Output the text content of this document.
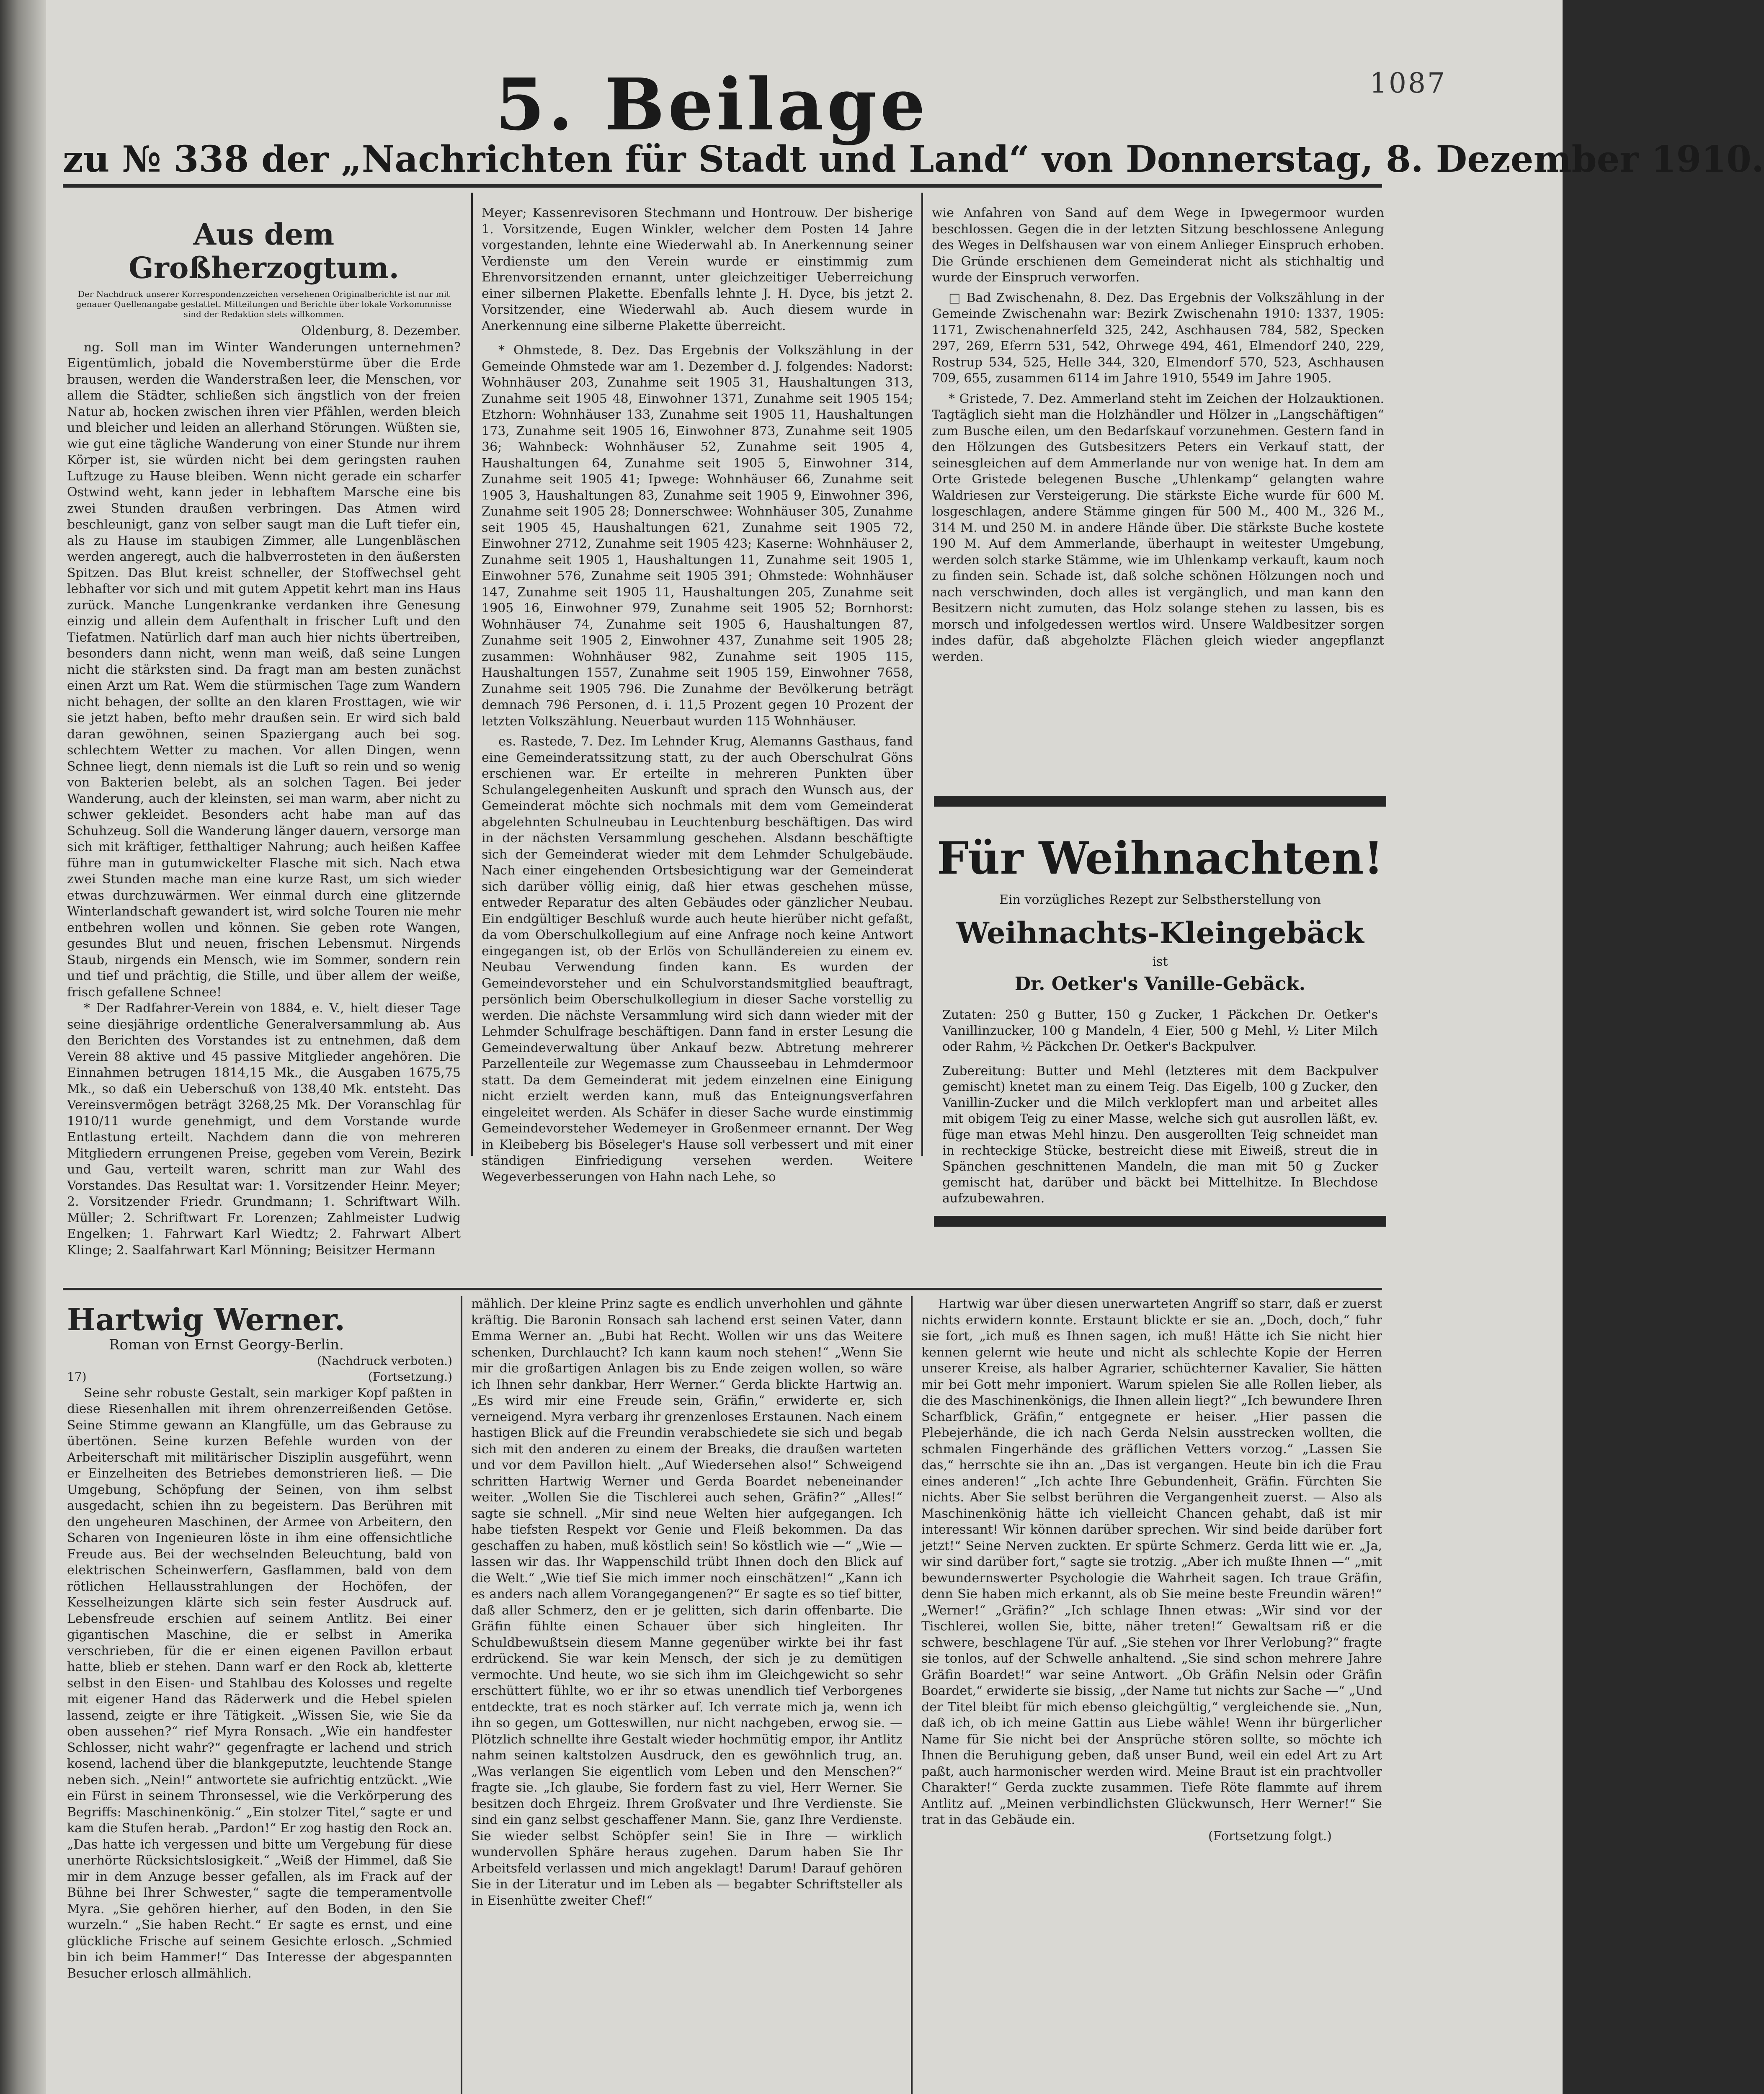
1087
5. Beilage
zu № 338 der „Nachrichten für Stadt und Land“ von Donnerstag, 8. Dezember 1910.
Aus dem Großherzogtum.
Der Nachdruck unserer Korrespondenzzeichen versehenen Originalberichte ist nur mit genauer Quellenangabe gestattet. Mitteilungen und Berichte über lokale Vorkommnisse sind der Redaktion stets willkommen.

Oldenburg, 8. Dezember.

ng. Soll man im Winter Wanderungen unternehmen? Eigentümlich, jobald die Novemberstürme über die Erde brausen, werden die Wanderstraßen leer, die Menschen, vor allem die Städter, schließen sich ängstlich von der freien Natur ab, hocken zwischen ihren vier Pfählen, werden bleich und bleicher und leiden an allerhand Störungen. Wüßten sie, wie gut eine tägliche Wanderung von einer Stunde nur ihrem Körper ist, sie würden nicht bei dem geringsten rauhen Luftzuge zu Hause bleiben. Wenn nicht gerade ein scharfer Ostwind weht, kann jeder in lebhaftem Marsche eine bis zwei Stunden draußen verbringen. Das Atmen wird beschleunigt, ganz von selber saugt man die Luft tiefer ein, als zu Hause im staubigen Zimmer, alle Lungenbläschen werden angeregt, auch die halbverrosteten in den äußersten Spitzen. Das Blut kreist schneller, der Stoffwechsel geht lebhafter vor sich und mit gutem Appetit kehrt man ins Haus zurück. Manche Lungenkranke verdanken ihre Genesung einzig und allein dem Aufenthalt in frischer Luft und den Tiefatmen. Natürlich darf man auch hier nichts übertreiben, besonders dann nicht, wenn man weiß, daß seine Lungen nicht die stärksten sind. Da fragt man am besten zunächst einen Arzt um Rat. Wem die stürmischen Tage zum Wandern nicht behagen, der sollte an den klaren Frosttagen, wie wir sie jetzt haben, befto mehr draußen sein. Er wird sich bald daran gewöhnen, seinen Spaziergang auch bei sog. schlechtem Wetter zu machen. Vor allen Dingen, wenn Schnee liegt, denn niemals ist die Luft so rein und so wenig von Bakterien belebt, als an solchen Tagen. Bei jeder Wanderung, auch der kleinsten, sei man warm, aber nicht zu schwer gekleidet. Besonders acht habe man auf das Schuhzeug. Soll die Wanderung länger dauern, versorge man sich mit kräftiger, fetthaltiger Nahrung; auch heißen Kaffee führe man in gutumwickelter Flasche mit sich. Nach etwa zwei Stunden mache man eine kurze Rast, um sich wieder etwas durchzuwärmen. Wer einmal durch eine glitzernde Winterlandschaft gewandert ist, wird solche Touren nie mehr entbehren wollen und können. Sie geben rote Wangen, gesundes Blut und neuen, frischen Lebensmut. Nirgends Staub, nirgends ein Mensch, wie im Sommer, sondern rein und tief und prächtig, die Stille, und über allem der weiße, frisch gefallene Schnee!

* Der Radfahrer-Verein von 1884, e. V., hielt dieser Tage seine diesjährige ordentliche Generalversammlung ab. Aus den Berichten des Vorstandes ist zu entnehmen, daß dem Verein 88 aktive und 45 passive Mitglieder angehören. Die Einnahmen betrugen 1814,15 Mk., die Ausgaben 1675,75 Mk., so daß ein Ueberschuß von 138,40 Mk. entsteht. Das Vereinsvermögen beträgt 3268,25 Mk. Der Voranschlag für 1910/11 wurde genehmigt, und dem Vorstande wurde Entlastung erteilt. Nachdem dann die von mehreren Mitgliedern errungenen Preise, gegeben vom Verein, Bezirk und Gau, verteilt waren, schritt man zur Wahl des Vorstandes. Das Resultat war: 1. Vorsitzender Heinr. Meyer; 2. Vorsitzender Friedr. Grundmann; 1. Schriftwart Wilh. Müller; 2. Schriftwart Fr. Lorenzen; Zahlmeister Ludwig Engelken; 1. Fahrwart Karl Wiedtz; 2. Fahrwart Albert Klinge; 2. Saalfahrwart Karl Mönning; Beisitzer Hermann

Meyer; Kassenrevisoren Stechmann und Hontrouw. Der bisherige 1. Vorsitzende, Eugen Winkler, welcher dem Posten 14 Jahre vorgestanden, lehnte eine Wiederwahl ab. In Anerkennung seiner Verdienste um den Verein wurde er einstimmig zum Ehrenvorsitzenden ernannt, unter gleichzeitiger Ueberreichung einer silbernen Plakette. Ebenfalls lehnte J. H. Dyce, bis jetzt 2. Vorsitzender, eine Wiederwahl ab. Auch diesem wurde in Anerkennung eine silberne Plakette überreicht.

* Ohmstede, 8. Dez. Das Ergebnis der Volkszählung in der Gemeinde Ohmstede war am 1. Dezember d. J. folgendes: Nadorst: Wohnhäuser 203, Zunahme seit 1905 31, Haushaltungen 313, Zunahme seit 1905 48, Einwohner 1371, Zunahme seit 1905 154; Etzhorn: Wohnhäuser 133, Zunahme seit 1905 11, Haushaltungen 173, Zunahme seit 1905 16, Einwohner 873, Zunahme seit 1905 36; Wahnbeck: Wohnhäuser 52, Zunahme seit 1905 4, Haushaltungen 64, Zunahme seit 1905 5, Einwohner 314, Zunahme seit 1905 41; Ipwege: Wohnhäuser 66, Zunahme seit 1905 3, Haushaltungen 83, Zunahme seit 1905 9, Einwohner 396, Zunahme seit 1905 28; Donnerschwee: Wohnhäuser 305, Zunahme seit 1905 45, Haushaltungen 621, Zunahme seit 1905 72, Einwohner 2712, Zunahme seit 1905 423; Kaserne: Wohnhäuser 2, Zunahme seit 1905 1, Haushaltungen 11, Zunahme seit 1905 1, Einwohner 576, Zunahme seit 1905 391; Ohmstede: Wohnhäuser 147, Zunahme seit 1905 11, Haushaltungen 205, Zunahme seit 1905 16, Einwohner 979, Zunahme seit 1905 52; Bornhorst: Wohnhäuser 74, Zunahme seit 1905 6, Haushaltungen 87, Zunahme seit 1905 2, Einwohner 437, Zunahme seit 1905 28; zusammen: Wohnhäuser 982, Zunahme seit 1905 115, Haushaltungen 1557, Zunahme seit 1905 159, Einwohner 7658, Zunahme seit 1905 796. Die Zunahme der Bevölkerung beträgt demnach 796 Personen, d. i. 11,5 Prozent gegen 10 Prozent der letzten Volkszählung. Neuerbaut wurden 115 Wohnhäuser.

es. Rastede, 7. Dez. Im Lehnder Krug, Alemanns Gasthaus, fand eine Gemeinderatssitzung statt, zu der auch Oberschulrat Göns erschienen war. Er erteilte in mehreren Punkten über Schulangelegenheiten Auskunft und sprach den Wunsch aus, der Gemeinderat möchte sich nochmals mit dem vom Gemeinderat abgelehnten Schulneubau in Leuchtenburg beschäftigen. Das wird in der nächsten Versammlung geschehen. Alsdann beschäftigte sich der Gemeinderat wieder mit dem Lehmder Schulgebäude. Nach einer eingehenden Ortsbesichtigung war der Gemeinderat sich darüber völlig einig, daß hier etwas geschehen müsse, entweder Reparatur des alten Gebäudes oder gänzlicher Neubau. Ein endgültiger Beschluß wurde auch heute hierüber nicht gefaßt, da vom Oberschulkollegium auf eine Anfrage noch keine Antwort eingegangen ist, ob der Erlös von Schulländereien zu einem ev. Neubau Verwendung finden kann. Es wurden der Gemeindevorsteher und ein Schulvorstandsmitglied beauftragt, persönlich beim Oberschulkollegium in dieser Sache vorstellig zu werden. Die nächste Versammlung wird sich dann wieder mit der Lehmder Schulfrage beschäftigen. Dann fand in erster Lesung die Gemeindeverwaltung über Ankauf bezw. Abtretung mehrerer Parzellenteile zur Wegemasse zum Chausseebau in Lehmdermoor statt. Da dem Gemeinderat mit jedem einzelnen eine Einigung nicht erzielt werden kann, muß das Enteignungsverfahren eingeleitet werden. Als Schäfer in dieser Sache wurde einstimmig Gemeindevorsteher Wedemeyer in Großenmeer ernannt. Der Weg in Kleibeberg bis Böseleger's Hause soll verbessert und mit einer ständigen Einfriedigung versehen werden. Weitere Wegeverbesserungen von Hahn nach Lehe, so

wie Anfahren von Sand auf dem Wege in Ipwegermoor wurden beschlossen. Gegen die in der letzten Sitzung beschlossene Anlegung des Weges in Delfshausen war von einem Anlieger Einspruch erhoben. Die Gründe erschienen dem Gemeinderat nicht als stichhaltig und wurde der Einspruch verworfen.

□ Bad Zwischenahn, 8. Dez. Das Ergebnis der Volkszählung in der Gemeinde Zwischenahn war: Bezirk Zwischenahn 1910: 1337, 1905: 1171, Zwischenahnerfeld 325, 242, Aschhausen 784, 582, Specken 297, 269, Eferrn 531, 542, Ohrwege 494, 461, Elmendorf 240, 229, Rostrup 534, 525, Helle 344, 320, Elmendorf 570, 523, Aschhausen 709, 655, zusammen 6114 im Jahre 1910, 5549 im Jahre 1905.

* Gristede, 7. Dez. Ammerland steht im Zeichen der Holzauktionen. Tagtäglich sieht man die Holzhändler und Hölzer in „Langschäftigen“ zum Busche eilen, um den Bedarfskauf vorzunehmen. Gestern fand in den Hölzungen des Gutsbesitzers Peters ein Verkauf statt, der seinesgleichen auf dem Ammerlande nur von wenige hat. In dem am Orte Gristede belegenen Busche „Uhlenkamp“ gelangten wahre Waldriesen zur Versteigerung. Die stärkste Eiche wurde für 600 M. losgeschlagen, andere Stämme gingen für 500 M., 400 M., 326 M., 314 M. und 250 M. in andere Hände über. Die stärkste Buche kostete 190 M. Auf dem Ammerlande, überhaupt in weitester Umgebung, werden solch starke Stämme, wie im Uhlenkamp verkauft, kaum noch zu finden sein. Schade ist, daß solche schönen Hölzungen noch und nach verschwinden, doch alles ist vergänglich, und man kann den Besitzern nicht zumuten, das Holz solange stehen zu lassen, bis es morsch und infolgedessen wertlos wird. Unsere Waldbesitzer sorgen indes dafür, daß abgeholzte Flächen gleich wieder angepflanzt werden.

Für Weihnachten!
Ein vorzügliches Rezept zur Selbstherstellung von
Weihnachts-Kleingebäck
ist
Dr. Oetker's Vanille-Gebäck.
Zutaten: 250 g Butter, 150 g Zucker, 1 Päckchen Dr. Oetker's Vanillinzucker, 100 g Mandeln, 4 Eier, 500 g Mehl, ½ Liter Milch oder Rahm, ½ Päckchen Dr. Oetker's Backpulver.
Zubereitung: Butter und Mehl (letzteres mit dem Backpulver gemischt) knetet man zu einem Teig. Das Eigelb, 100 g Zucker, den Vanillin-Zucker und die Milch verklopfert man und arbeitet alles mit obigem Teig zu einer Masse, welche sich gut ausrollen läßt, ev. füge man etwas Mehl hinzu. Den ausgerollten Teig schneidet man in rechteckige Stücke, bestreicht diese mit Eiweiß, streut die in Spänchen geschnittenen Mandeln, die man mit 50 g Zucker gemischt hat, darüber und bäckt bei Mittelhitze. In Blechdose aufzubewahren.
Hartwig Werner.
Roman von Ernst Georgy-Berlin.
(Nachdruck verboten.)
17)	(Fortsetzung.)

Seine sehr robuste Gestalt, sein markiger Kopf paßten in diese Riesenhallen mit ihrem ohrenzerreißenden Getöse. Seine Stimme gewann an Klangfülle, um das Gebrause zu übertönen. Seine kurzen Befehle wurden von der Arbeiterschaft mit militärischer Disziplin ausgeführt, wenn er Einzelheiten des Betriebes demonstrieren ließ. — Die Umgebung, Schöpfung der Seinen, von ihm selbst ausgedacht, schien ihn zu begeistern. Das Berühren mit den ungeheuren Maschinen, der Armee von Arbeitern, den Scharen von Ingenieuren löste in ihm eine offensichtliche Freude aus. Bei der wechselnden Beleuchtung, bald von elektrischen Scheinwerfern, Gasflammen, bald von dem rötlichen Hellausstrahlungen der Hochöfen, der Kesselheizungen klärte sich sein fester Ausdruck auf. Lebensfreude erschien auf seinem Antlitz. Bei einer gigantischen Maschine, die er selbst in Amerika verschrieben, für die er einen eigenen Pavillon erbaut hatte, blieb er stehen. Dann warf er den Rock ab, kletterte selbst in den Eisen- und Stahlbau des Kolosses und regelte mit eigener Hand das Räderwerk und die Hebel spielen lassend, zeigte er ihre Tätigkeit. „Wissen Sie, wie Sie da oben aussehen?“ rief Myra Ronsach. „Wie ein handfester Schlosser, nicht wahr?“ gegenfragte er lachend und strich kosend, lachend über die blankgeputzte, leuchtende Stange neben sich. „Nein!“ antwortete sie aufrichtig entzückt. „Wie ein Fürst in seinem Thronsessel, wie die Verkörperung des Begriffs: Maschinenkönig.“ „Ein stolzer Titel,“ sagte er und kam die Stufen herab. „Pardon!“ Er zog hastig den Rock an. „Das hatte ich vergessen und bitte um Vergebung für diese unerhörte Rücksichtslosigkeit.“ „Weiß der Himmel, daß Sie mir in dem Anzuge besser gefallen, als im Frack auf der Bühne bei Ihrer Schwester,“ sagte die temperamentvolle Myra. „Sie gehören hierher, auf den Boden, in den Sie wurzeln.“ „Sie haben Recht.“ Er sagte es ernst, und eine glückliche Frische auf seinem Gesichte erlosch. „Schmied bin ich beim Hammer!“ Das Interesse der abgespannten Besucher erlosch allmählich.

mählich. Der kleine Prinz sagte es endlich unverhohlen und gähnte kräftig. Die Baronin Ronsach sah lachend erst seinen Vater, dann Emma Werner an. „Bubi hat Recht. Wollen wir uns das Weitere schenken, Durchlaucht? Ich kann kaum noch stehen!“ „Wenn Sie mir die großartigen Anlagen bis zu Ende zeigen wollen, so wäre ich Ihnen sehr dankbar, Herr Werner.“ Gerda blickte Hartwig an. „Es wird mir eine Freude sein, Gräfin,“ erwiderte er, sich verneigend. Myra verbarg ihr grenzenloses Erstaunen. Nach einem hastigen Blick auf die Freundin verabschiedete sie sich und begab sich mit den anderen zu einem der Breaks, die draußen warteten und vor dem Pavillon hielt. „Auf Wiedersehen also!“ Schweigend schritten Hartwig Werner und Gerda Boardet nebeneinander weiter. „Wollen Sie die Tischlerei auch sehen, Gräfin?“ „Alles!“ sagte sie schnell. „Mir sind neue Welten hier aufgegangen. Ich habe tiefsten Respekt vor Genie und Fleiß bekommen. Da das geschaffen zu haben, muß köstlich sein! So köstlich wie —“ „Wie — lassen wir das. Ihr Wappenschild trübt Ihnen doch den Blick auf die Welt.“ „Wie tief Sie mich immer noch einschätzen!“ „Kann ich es anders nach allem Vorangegangenen?“ Er sagte es so tief bitter, daß aller Schmerz, den er je gelitten, sich darin offenbarte. Die Gräfin fühlte einen Schauer über sich hingleiten. Ihr Schuldbewußtsein diesem Manne gegenüber wirkte bei ihr fast erdrückend. Sie war kein Mensch, der sich je zu demütigen vermochte. Und heute, wo sie sich ihm im Gleichgewicht so sehr erschüttert fühlte, wo er ihr so etwas unendlich tief Verborgenes entdeckte, trat es noch stärker auf. Ich verrate mich ja, wenn ich ihn so gegen, um Gotteswillen, nur nicht nachgeben, erwog sie. — Plötzlich schnellte ihre Gestalt wieder hochmütig empor, ihr Antlitz nahm seinen kaltstolzen Ausdruck, den es gewöhnlich trug, an. „Was verlangen Sie eigentlich vom Leben und den Menschen?“ fragte sie. „Ich glaube, Sie fordern fast zu viel, Herr Werner. Sie besitzen doch Ehrgeiz. Ihrem Großvater und Ihre Verdienste. Sie sind ein ganz selbst geschaffener Mann. Sie, ganz Ihre Verdienste. Sie wieder selbst Schöpfer sein! Sie in Ihre — wirklich wundervollen Sphäre heraus zugehen. Darum haben Sie Ihr Arbeitsfeld verlassen und mich angeklagt! Darum! Darauf gehören Sie in der Literatur und im Leben als — begabter Schriftsteller als in Eisenhütte zweiter Chef!“

Hartwig war über diesen unerwarteten Angriff so starr, daß er zuerst nichts erwidern konnte. Erstaunt blickte er sie an. „Doch, doch,“ fuhr sie fort, „ich muß es Ihnen sagen, ich muß! Hätte ich Sie nicht hier kennen gelernt wie heute und nicht als schlechte Kopie der Herren unserer Kreise, als halber Agrarier, schüchterner Kavalier, Sie hätten mir bei Gott mehr imponiert. Warum spielen Sie alle Rollen lieber, als die des Maschinenkönigs, die Ihnen allein liegt?“ „Ich bewundere Ihren Scharfblick, Gräfin,“ entgegnete er heiser. „Hier passen die Plebejerhände, die ich nach Gerda Nelsin ausstrecken wollten, die schmalen Fingerhände des gräflichen Vetters vorzog.“ „Lassen Sie das,“ herrschte sie ihn an. „Das ist vergangen. Heute bin ich die Frau eines anderen!“ „Ich achte Ihre Gebundenheit, Gräfin. Fürchten Sie nichts. Aber Sie selbst berühren die Vergangenheit zuerst. — Also als Maschinenkönig hätte ich vielleicht Chancen gehabt, daß ist mir interessant! Wir können darüber sprechen. Wir sind beide darüber fort jetzt!“ Seine Nerven zuckten. Er spürte Schmerz. Gerda litt wie er. „Ja, wir sind darüber fort,“ sagte sie trotzig. „Aber ich mußte Ihnen —“ „mit bewundernswerter Psychologie die Wahrheit sagen. Ich traue Gräfin, denn Sie haben mich erkannt, als ob Sie meine beste Freundin wären!“ „Werner!“ „Gräfin?“ „Ich schlage Ihnen etwas: „Wir sind vor der Tischlerei, wollen Sie, bitte, näher treten!“ Gewaltsam riß er die schwere, beschlagene Tür auf. „Sie stehen vor Ihrer Verlobung?“ fragte sie tonlos, auf der Schwelle anhaltend. „Sie sind schon mehrere Jahre Gräfin Boardet!“ war seine Antwort. „Ob Gräfin Nelsin oder Gräfin Boardet,“ erwiderte sie bissig, „der Name tut nichts zur Sache —“ „Und der Titel bleibt für mich ebenso gleichgültig,“ vergleichende sie. „Nun, daß ich, ob ich meine Gattin aus Liebe wähle! Wenn ihr bürgerlicher Name für Sie nicht bei der Ansprüche stören sollte, so möchte ich Ihnen die Beruhigung geben, daß unser Bund, weil ein edel Art zu Art paßt, auch harmonischer werden wird. Meine Braut ist ein prachtvoller Charakter!“ Gerda zuckte zusammen. Tiefe Röte flammte auf ihrem Antlitz auf. „Meinen verbindlichsten Glückwunsch, Herr Werner!“ Sie trat in das Gebäude ein.

(Fortsetzung folgt.)
